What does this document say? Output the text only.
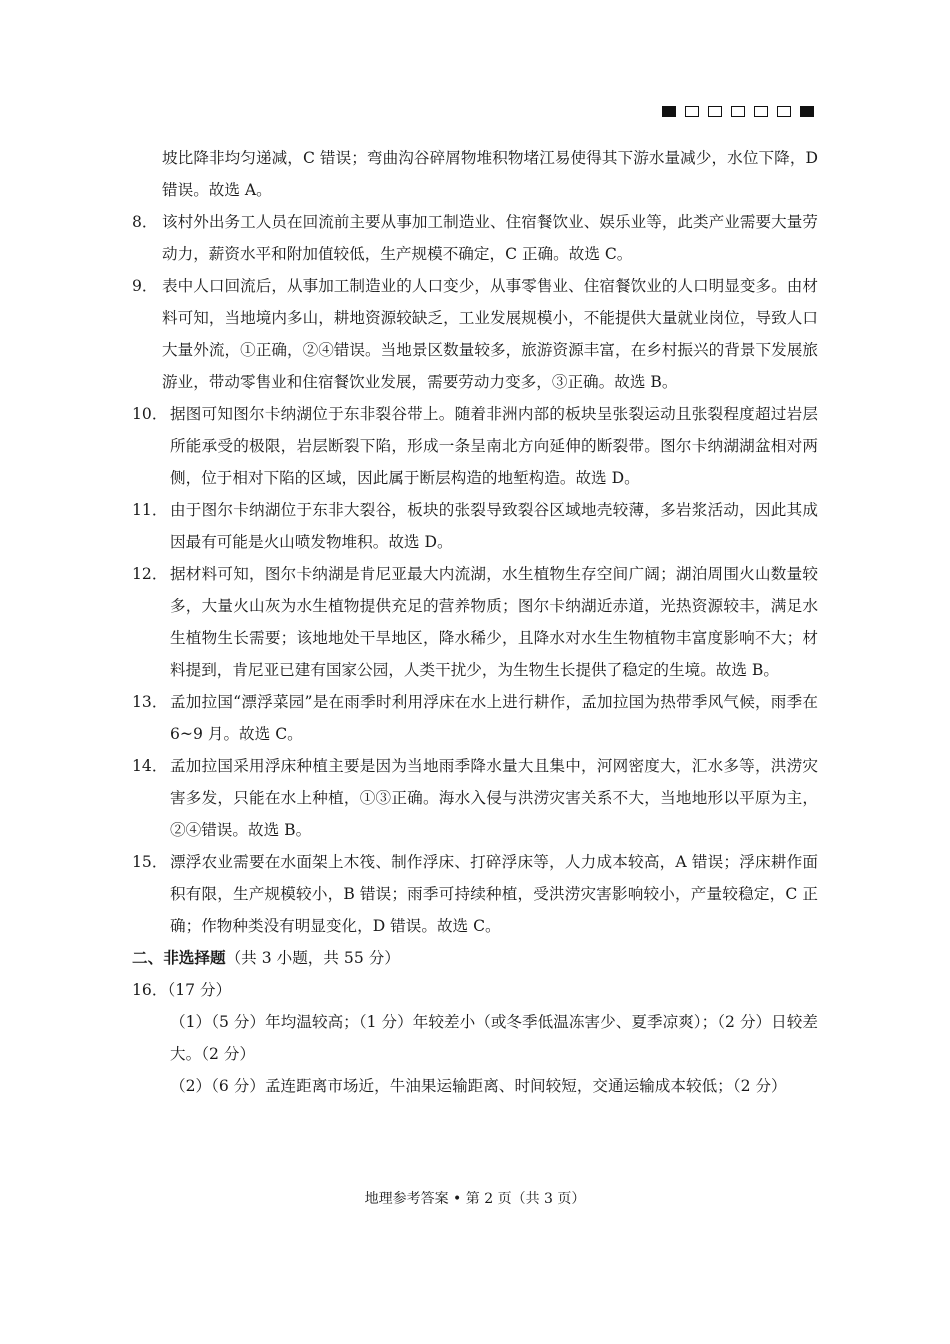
坡比降非均匀递减，C 错误；弯曲沟谷碎屑物堆积物堵江易使得其下游水量减少，水位下降，D 错误。故选 A。

8． 该村外出务工人员在回流前主要从事加工制造业、住宿餐饮业、娱乐业等，此类产业需要大量劳动力，薪资水平和附加值较低，生产规模不确定，C 正确。故选 C。

9． 表中人口回流后，从事加工制造业的人口变少，从事零售业、住宿餐饮业的人口明显变多。由材料可知，当地境内多山，耕地资源较缺乏，工业发展规模小，不能提供大量就业岗位，导致人口大量外流，①正确，②④错误。当地景区数量较多，旅游资源丰富，在乡村振兴的背景下发展旅游业，带动零售业和住宿餐饮业发展，需要劳动力变多，③正确。故选 B。

10． 据图可知图尔卡纳湖位于东非裂谷带上。随着非洲内部的板块呈张裂运动且张裂程度超过岩层所能承受的极限，岩层断裂下陷，形成一条呈南北方向延伸的断裂带。图尔卡纳湖湖盆相对两侧，位于相对下陷的区域，因此属于断层构造的地堑构造。故选 D。

11． 由于图尔卡纳湖位于东非大裂谷，板块的张裂导致裂谷区域地壳较薄，多岩浆活动，因此其成因最有可能是火山喷发物堆积。故选 D。

12． 据材料可知，图尔卡纳湖是肯尼亚最大内流湖，水生植物生存空间广阔；湖泊周围火山数量较多，大量火山灰为水生植物提供充足的营养物质；图尔卡纳湖近赤道，光热资源较丰，满足水生植物生长需要；该地地处干旱地区，降水稀少，且降水对水生生物植物丰富度影响不大；材料提到，肯尼亚已建有国家公园，人类干扰少，为生物生长提供了稳定的生境。故选 B。

13． 孟加拉国“漂浮菜园”是在雨季时利用浮床在水上进行耕作，孟加拉国为热带季风气候，雨季在 6~9 月。故选 C。

14． 孟加拉国采用浮床种植主要是因为当地雨季降水量大且集中，河网密度大，汇水多等，洪涝灾害多发，只能在水上种植，①③正确。海水入侵与洪涝灾害关系不大，当地地形以平原为主，②④错误。故选 B。

15． 漂浮农业需要在水面架上木筏、制作浮床、打碎浮床等，人力成本较高，A 错误；浮床耕作面积有限，生产规模较小，B 错误；雨季可持续种植，受洪涝灾害影响较小，产量较稳定，C 正确；作物种类没有明显变化，D 错误。故选 C。

二、非选择题（共 3 小题，共 55 分）

16．（17 分）

（1）（5 分）年均温较高；（1 分）年较差小（或冬季低温冻害少、夏季凉爽）；（2 分）日较差大。（2 分）

（2）（6 分）孟连距离市场近，牛油果运输距离、时间较短，交通运输成本较低；（2 分）

地理参考答案 • 第 2 页（共 3 页）
